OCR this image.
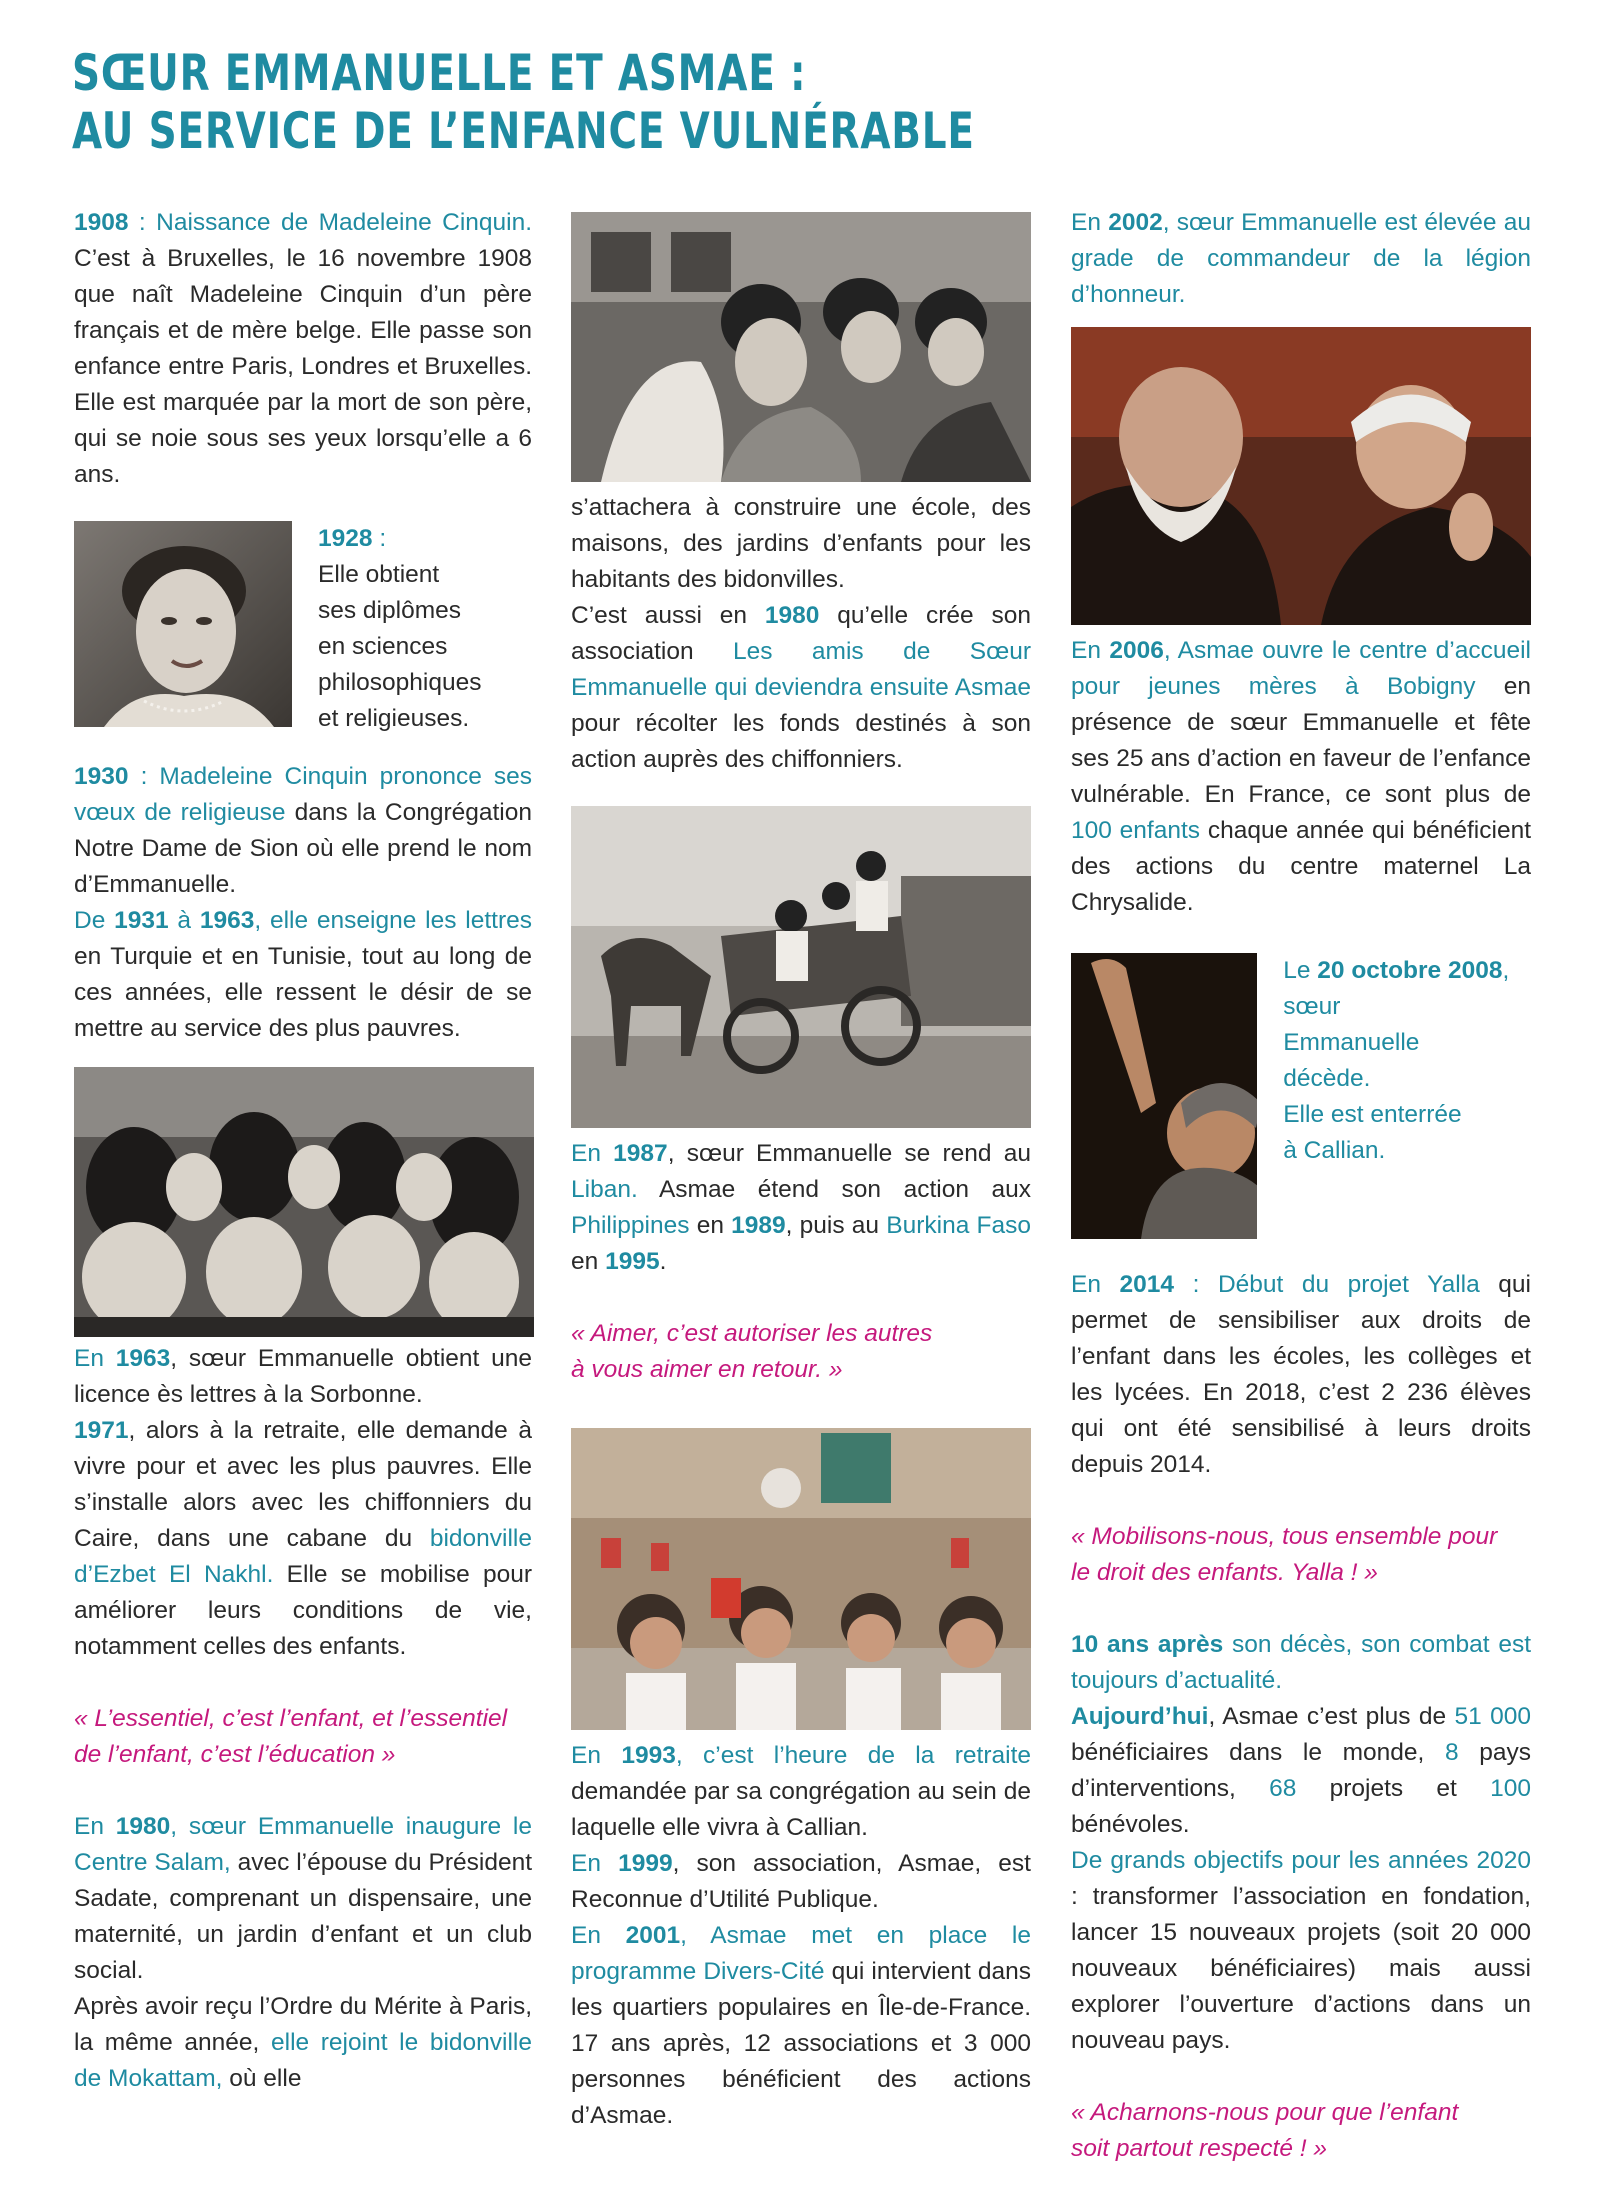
SŒUR EMMANUELLE ET ASMAE :
AU SERVICE DE L’ENFANCE VULNÉRABLE

1908 : Naissance de Madeleine Cinquin. C’est à Bruxelles, le 16 novembre 1908 que naît Madeleine Cinquin d’un père français et de mère belge. Elle passe son enfance entre Paris, Londres et Bruxelles. Elle est marquée par la mort de son père, qui se noie sous ses yeux lorsqu’elle a 6 ans.

1928 :
Elle obtient
ses diplômes
en sciences
philosophiques
et religieuses.

1930 : Madeleine Cinquin prononce ses vœux de religieuse dans la Congrégation Notre Dame de Sion où elle prend le nom d’Emmanuelle.

De 1931 à 1963, elle enseigne les lettres en Turquie et en Tunisie, tout au long de ces années, elle ressent le désir de se mettre au service des plus pauvres.

En 1963, sœur Emmanuelle obtient une licence ès lettres à la Sorbonne.

1971, alors à la retraite, elle demande à vivre pour et avec les plus pauvres. Elle s’installe alors avec les chiffonniers du Caire, dans une cabane du bidonville d’Ezbet El Nakhl. Elle se mobilise pour améliorer leurs conditions de vie, notamment celles des enfants.

« L’essentiel, c’est l’enfant, et l’essentiel
de l’enfant, c’est l’éducation »

En 1980, sœur Emmanuelle inaugure le Centre Salam, avec l’épouse du Président Sadate, comprenant un dispensaire, une maternité, un jardin d’enfant et un club social.

Après avoir reçu l’Ordre du Mérite à Paris, la même année, elle rejoint le bidonville de Mokattam, où elle

s’attachera à construire une école, des maisons, des jardins d’enfants pour les habitants des bidonvilles.

C’est aussi en 1980 qu’elle crée son association Les amis de Sœur Emmanuelle qui deviendra ensuite Asmae pour récolter les fonds destinés à son action auprès des chiffonniers.

En 1987, sœur Emmanuelle se rend au Liban. Asmae étend son action aux Philippines en 1989, puis au Burkina Faso en 1995.

« Aimer, c’est autoriser les autres
à vous aimer en retour. »

En 1993, c’est l’heure de la retraite demandée par sa congrégation au sein de laquelle elle vivra à Callian.

En 1999, son association, Asmae, est Reconnue d’Utilité Publique.

En 2001, Asmae met en place le programme Divers-Cité qui intervient dans les quartiers populaires en Île-de-France. 17 ans après, 12 associations et 3 000 personnes bénéficient des actions d’Asmae.

En 2002, sœur Emmanuelle est élevée au grade de commandeur de la légion d’honneur.

En 2006, Asmae ouvre le centre d’accueil pour jeunes mères à Bobigny en présence de sœur Emmanuelle et fête ses 25 ans d’action en faveur de l’enfance vulnérable. En France, ce sont plus de 100 enfants chaque année qui bénéficient des actions du centre maternel La Chrysalide.

Le 20 octobre 2008, sœur
Emmanuelle
décède.
Elle est enterrée
à Callian.

En 2014 : Début du projet Yalla qui permet de sensibiliser aux droits de l’enfant dans les écoles, les collèges et les lycées. En 2018, c’est 2 236 élèves qui ont été sensibilisé à leurs droits depuis 2014.

« Mobilisons-nous, tous ensemble pour
le droit des enfants. Yalla ! »

10 ans après son décès, son combat est toujours d’actualité.

Aujourd’hui, Asmae c’est plus de 51 000 bénéficiaires dans le monde, 8 pays d’interventions, 68 projets et 100 bénévoles.

De grands objectifs pour les années 2020 : transformer l’association en fondation, lancer 15 nouveaux projets (soit 20 000 nouveaux bénéficiaires) mais aussi explorer l’ouverture d’actions dans un nouveau pays.

« Acharnons-nous pour que l’enfant
soit partout respecté ! »
